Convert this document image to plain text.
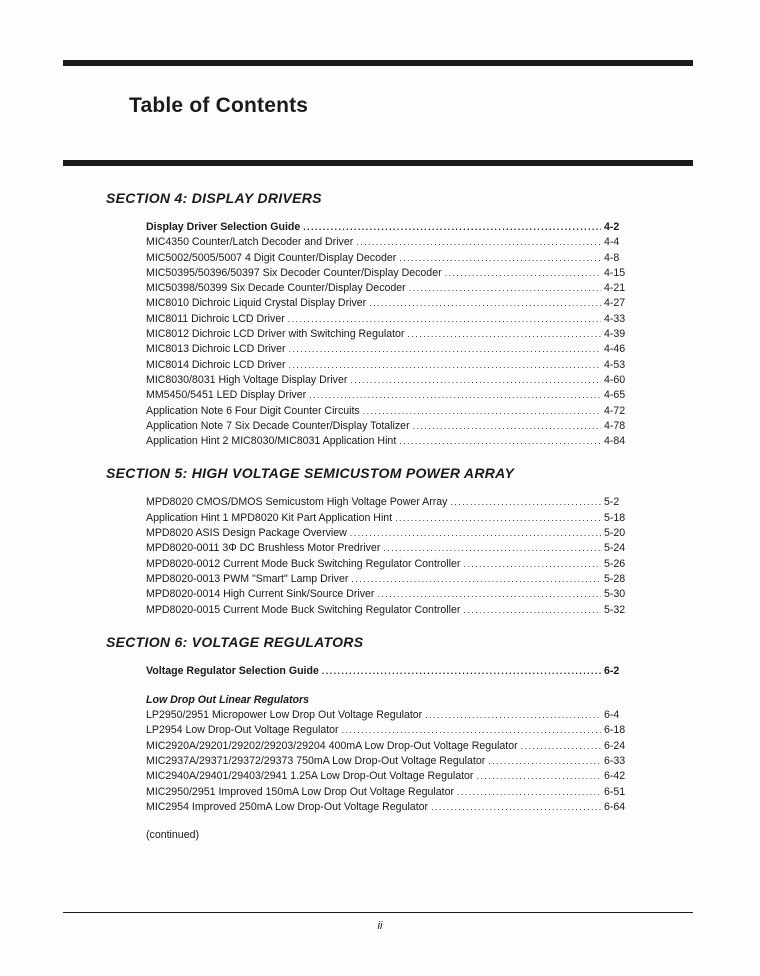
Table of Contents
SECTION 4: DISPLAY DRIVERS
Display Driver Selection Guide .....	4-2
MIC4350 Counter/Latch Decoder and Driver .....	4-4
MIC5002/5005/5007 4 Digit Counter/Display Decoder .....	4-8
MIC50395/50396/50397 Six Decoder Counter/Display Decoder .....	4-15
MIC50398/50399 Six Decade Counter/Display Decoder .....	4-21
MIC8010 Dichroic Liquid Crystal Display Driver .....	4-27
MIC8011 Dichroic LCD Driver .....	4-33
MIC8012 Dichroic LCD Driver with Switching Regulator .....	4-39
MIC8013 Dichroic LCD Driver .....	4-46
MIC8014 Dichroic LCD Driver .....	4-53
MIC8030/8031 High Voltage Display Driver .....	4-60
MM5450/5451 LED Display Driver .....	4-65
Application Note 6 Four Digit Counter Circuits .....	4-72
Application Note 7 Six Decade Counter/Display Totalizer .....	4-78
Application Hint 2 MIC8030/MIC8031 Application Hint .....	4-84
SECTION 5: HIGH VOLTAGE SEMICUSTOM POWER ARRAY
MPD8020 CMOS/DMOS Semicustom High Voltage Power Array .....	5-2
Application Hint 1 MPD8020 Kit Part Application Hint .....	5-18
MPD8020 ASIS Design Package Overview .....	5-20
MPD8020-0011 3Φ DC Brushless Motor Predriver .....	5-24
MPD8020-0012 Current Mode Buck Switching Regulator Controller .....	5-26
MPD8020-0013 PWM "Smart" Lamp Driver .....	5-28
MPD8020-0014 High Current Sink/Source Driver .....	5-30
MPD8020-0015 Current Mode Buck Switching Regulator Controller .....	5-32
SECTION 6: VOLTAGE REGULATORS
Voltage Regulator Selection Guide .....	6-2
Low Drop Out Linear Regulators
LP2950/2951 Micropower Low Drop Out Voltage Regulator .....	6-4
LP2954 Low Drop-Out Voltage Regulator .....	6-18
MIC2920A/29201/29202/29203/29204 400mA Low Drop-Out Voltage Regulator .....	6-24
MIC2937A/29371/29372/29373 750mA Low Drop-Out Voltage Regulator .....	6-33
MIC2940A/29401/29403/2941 1.25A Low Drop-Out Voltage Regulator .....	6-42
MIC2950/2951 Improved 150mA Low Drop Out Voltage Regulator .....	6-51
MIC2954 Improved 250mA Low Drop-Out Voltage Regulator .....	6-64
(continued)
ii
